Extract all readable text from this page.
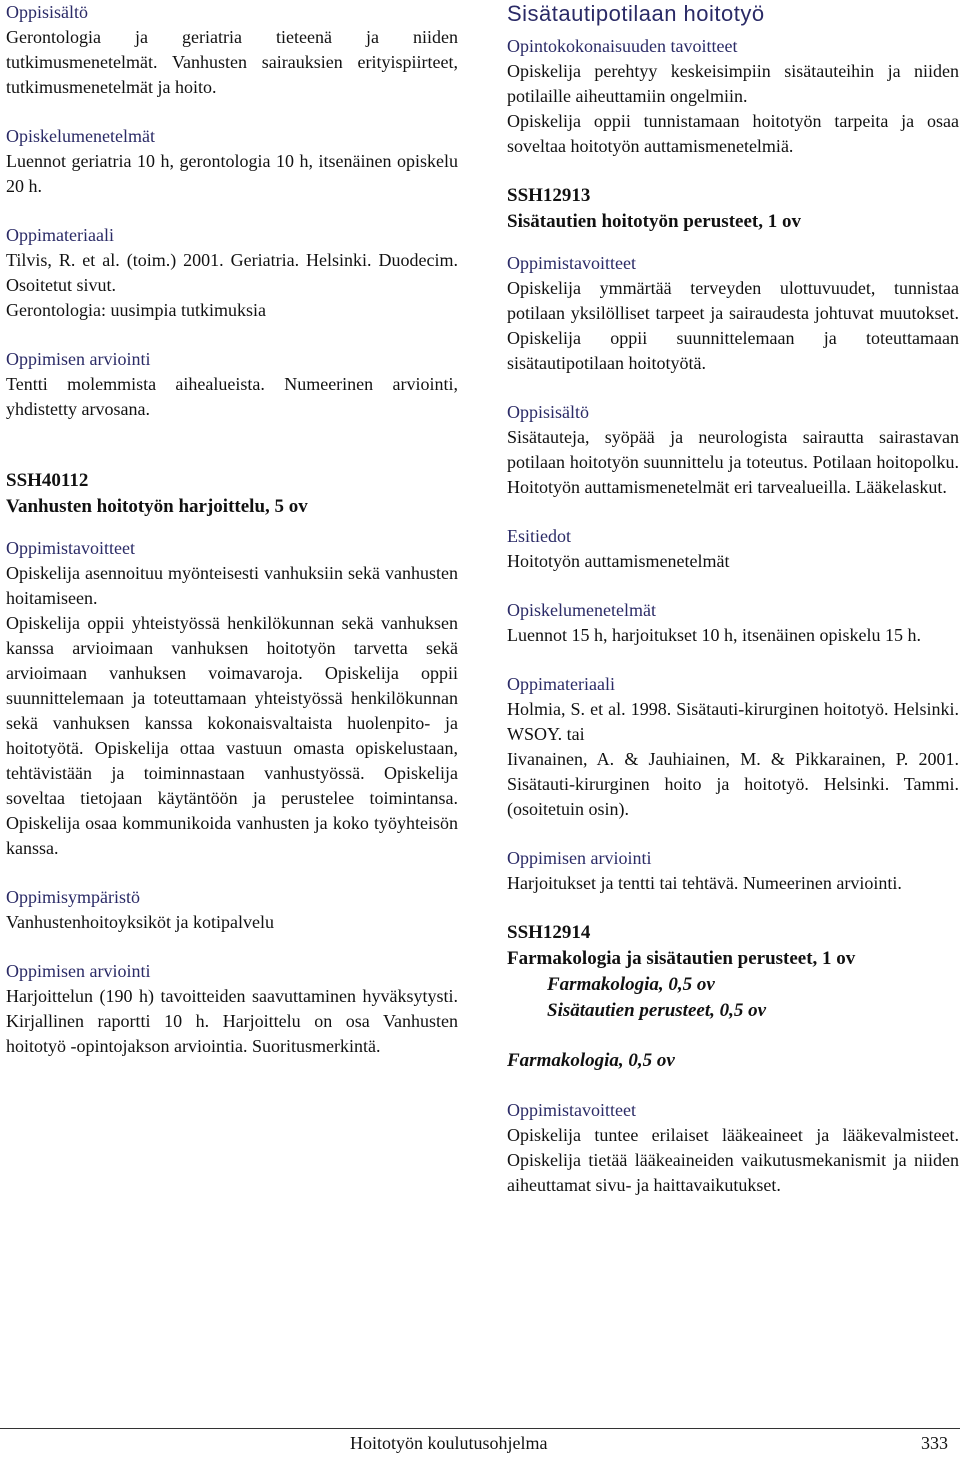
Oppisisältö

Gerontologia ja geriatria tieteenä ja niiden tutkimusmenetelmät. Vanhusten sairauksien erityispiirteet, tutkimusmenetelmät ja hoito.

Opiskelumenetelmät

Luennot geriatria 10 h, gerontologia 10 h, itsenäinen opiskelu 20 h.

Oppimateriaali

Tilvis, R. et al. (toim.) 2001. Geriatria. Helsinki. Duodecim. Osoitetut sivut.

Gerontologia: uusimpia tutkimuksia

Oppimisen arviointi

Tentti molemmista aihealueista. Numeerinen arviointi, yhdistetty arvosana.

SSH40112

Vanhusten hoitotyön harjoittelu, 5 ov

Oppimistavoitteet

Opiskelija asennoituu myönteisesti vanhuksiin sekä vanhusten hoitamiseen.

Opiskelija oppii yhteistyössä henkilökunnan sekä vanhuksen kanssa arvioimaan vanhuksen hoitotyön tarvetta sekä arvioimaan vanhuksen voimavaroja. Opiskelija oppii suunnittelemaan ja toteuttamaan yhteistyössä henkilökunnan sekä vanhuksen kanssa kokonaisvaltaista huolenpito- ja hoitotyötä. Opiskelija ottaa vastuun omasta opiskelustaan, tehtävistään ja toiminnastaan vanhustyössä. Opiskelija soveltaa tietojaan käytäntöön ja perustelee toimintansa. Opiskelija osaa kommunikoida vanhusten ja koko työyhteisön kanssa.

Oppimisympäristö

Vanhustenhoitoyksiköt ja kotipalvelu

Oppimisen arviointi

Harjoittelun (190 h) tavoitteiden saavuttaminen hyväksytysti. Kirjallinen raportti 10 h. Harjoittelu on osa Vanhusten hoitotyö -opintojakson arviointia. Suoritusmerkintä.

Sisätautipotilaan hoitotyö

Opintokokonaisuuden tavoitteet

Opiskelija perehtyy keskeisimpiin sisätauteihin ja niiden potilaille aiheuttamiin ongelmiin.

Opiskelija oppii tunnistamaan hoitotyön tarpeita ja osaa soveltaa hoitotyön auttamismenetelmiä.

SSH12913

Sisätautien hoitotyön perusteet, 1 ov

Oppimistavoitteet

Opiskelija ymmärtää terveyden ulottuvuudet, tunnistaa potilaan yksilölliset tarpeet ja sairaudesta johtuvat muutokset. Opiskelija oppii suunnittelemaan ja toteuttamaan sisätautipotilaan hoitotyötä.

Oppisisältö

Sisätauteja, syöpää ja neurologista sairautta sairastavan potilaan hoitotyön suunnittelu ja toteutus. Potilaan hoitopolku. Hoitotyön auttamismenetelmät eri tarvealueilla. Lääkelaskut.

Esitiedot

Hoitotyön auttamismenetelmät

Opiskelumenetelmät

Luennot 15 h, harjoitukset 10 h, itsenäinen opiskelu 15 h.

Oppimateriaali

Holmia, S. et al. 1998. Sisätauti-kirurginen hoitotyö. Helsinki. WSOY. tai

Iivanainen, A. & Jauhiainen, M. & Pikkarainen, P. 2001. Sisätauti-kirurginen hoito ja hoitotyö. Helsinki. Tammi. (osoitetuin osin).

Oppimisen arviointi

Harjoitukset ja tentti tai tehtävä. Numeerinen arviointi.

SSH12914

Farmakologia ja sisätautien perusteet, 1 ov

Farmakologia, 0,5 ov

Sisätautien perusteet, 0,5 ov

Farmakologia, 0,5 ov

Oppimistavoitteet

Opiskelija tuntee erilaiset lääkeaineet ja lääkevalmisteet. Opiskelija tietää lääkeaineiden vaikutusmekanismit ja niiden aiheuttamat sivu- ja haittavaikutukset.

Hoitotyön koulutusohjelma	333
